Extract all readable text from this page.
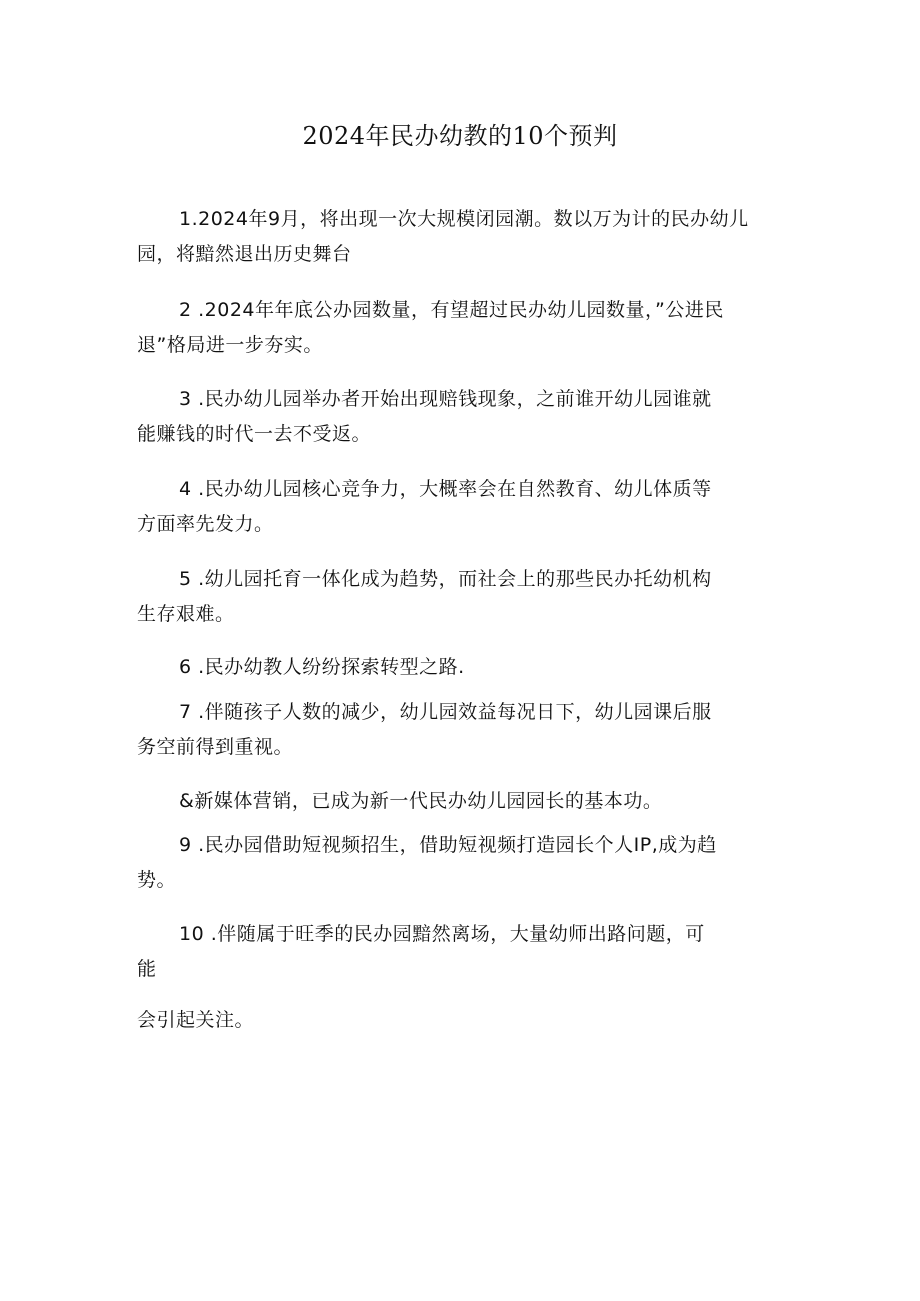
2024年民办幼教的10个预判
1.2024年9月，将出现一次大规模闭园潮。数以万为计的民办幼儿
园，将黯然退出历史舞台
2 .2024年年底公办园数量，有望超过民办幼儿园数量，”公进民
退”格局进一步夯实。
3 .民办幼儿园举办者开始出现赔钱现象，之前谁开幼儿园谁就
能赚钱的时代一去不受返。
4 .民办幼儿园核心竞争力，大概率会在自然教育、幼儿体质等
方面率先发力。
5 .幼儿园托育一体化成为趋势，而社会上的那些民办托幼机构
生存艰难。
6 .民办幼教人纷纷探索转型之路.
7 .伴随孩子人数的减少，幼儿园效益每况日下，幼儿园课后服
务空前得到重视。
&新媒体营销，已成为新一代民办幼儿园园长的基本功。
9 .民办园借助短视频招生，借助短视频打造园长个人IP,成为趋
势。
10 .伴随属于旺季的民办园黯然离场，大量幼师出路问题，可
能
会引起关注。
